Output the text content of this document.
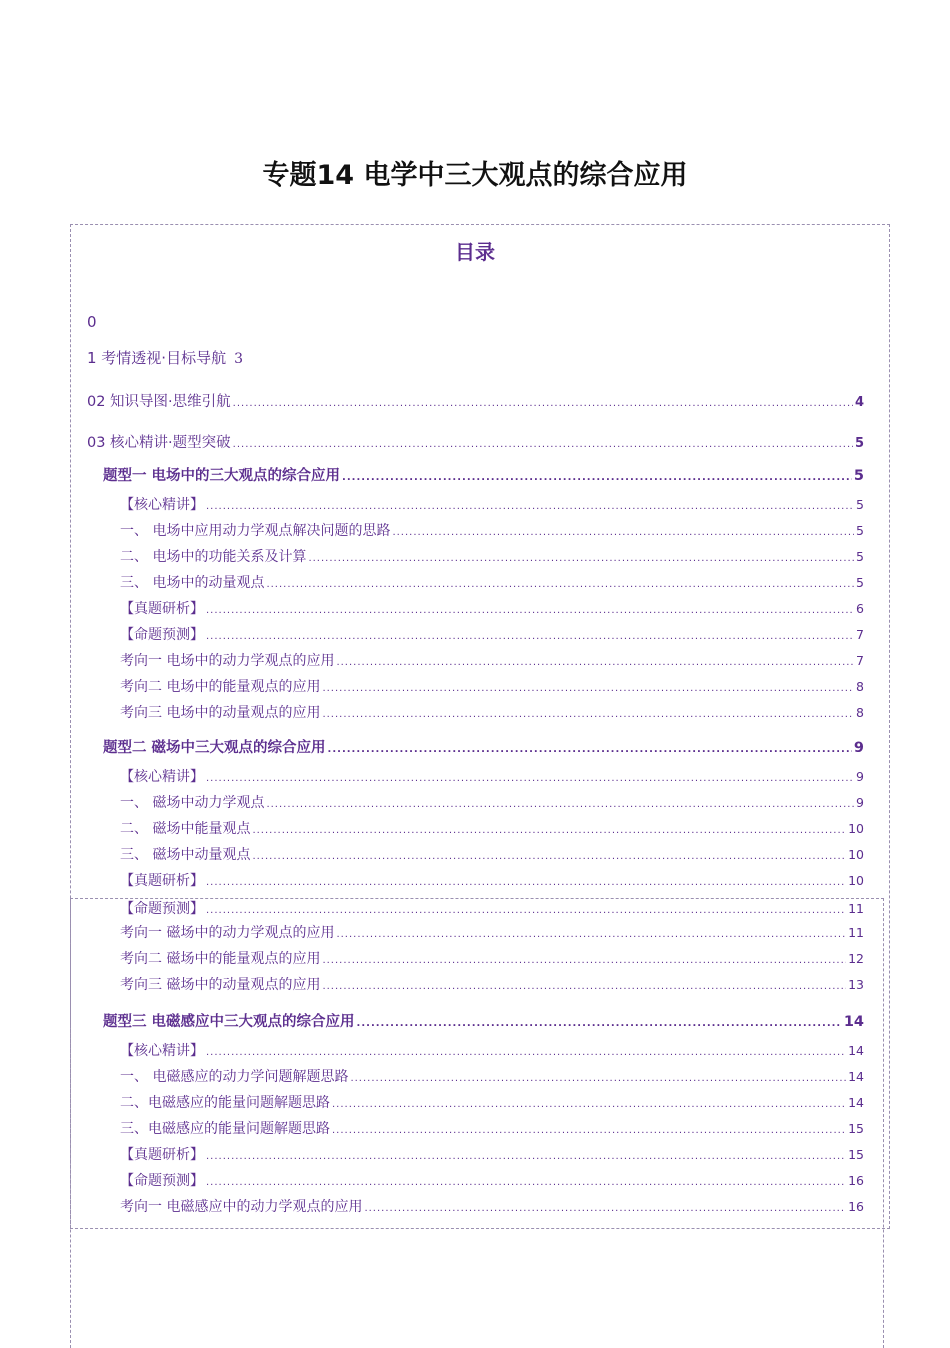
专题14 电学中三大观点的综合应用
目录
0
1 考情透视·目标导航 3
02 知识导图·思维引航 .....	4
03 核心精讲·题型突破 .....	5
题型一 电场中的三大观点的综合应用 .....	5
【核心精讲】 .....	5
一、 电场中应用动力学观点解决问题的思路 .....	5
二、 电场中的功能关系及计算 .....	5
三、 电场中的动量观点 .....	5
【真题研析】 .....	6
【命题预测】 .....	7
考向一 电场中的动力学观点的应用 .....	7
考向二 电场中的能量观点的应用 .....	8
考向三 电场中的动量观点的应用 .....	8
题型二 磁场中三大观点的综合应用 .....	9
【核心精讲】 .....	9
一、 磁场中动力学观点 .....	9
二、 磁场中能量观点 .....	10
三、 磁场中动量观点 .....	10
【真题研析】 .....	10
【命题预测】 .....	11
考向一 磁场中的动力学观点的应用 .....	11
考向二 磁场中的能量观点的应用 .....	12
考向三 磁场中的动量观点的应用 .....	13
题型三 电磁感应中三大观点的综合应用 .....	14
【核心精讲】 .....	14
一、 电磁感应的动力学问题解题思路 .....	14
二、电磁感应的能量问题解题思路 .....	14
三、电磁感应的能量问题解题思路 .....	15
【真题研析】 .....	15
【命题预测】 .....	16
考向一 电磁感应中的动力学观点的应用 .....	16
